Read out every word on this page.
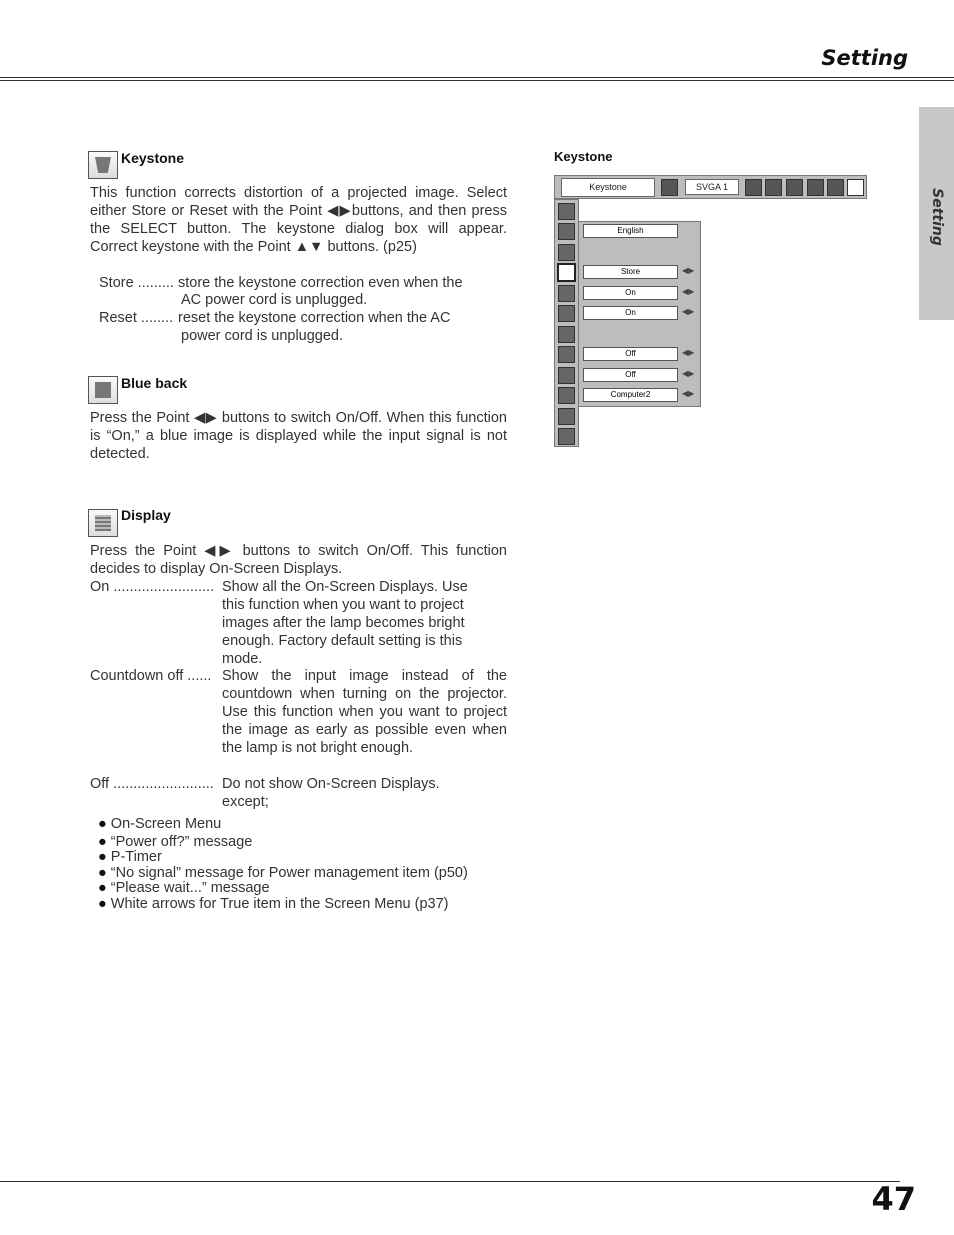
Setting
Setting
Keystone
This function corrects distortion of a projected image. Select either Store or Reset with the Point ◀▶buttons, and then press the SELECT button. The keystone dialog box will appear. Correct keystone with the Point ▲▼ buttons. (p25)
Store ......... store the keystone correction even when the
AC power cord is unplugged.
Reset ........ reset the keystone correction when the AC
power cord is unplugged.
Blue back
Press the Point ◀▶ buttons to switch On/Off. When this function is “On,” a blue image is displayed while the input signal is not detected.
Display
Press the Point ◀▶ buttons to switch On/Off. This function decides to display On-Screen Displays.
On ......................... Show all the On-Screen Displays. Use this function when you want to project images after the lamp becomes bright enough. Factory default setting is this mode.
Countdown off ...... Show the input image instead of the countdown when turning on the projector. Use this function when you want to project the image as early as possible even when the lamp is not bright enough.
Off ......................... Do not show On-Screen Displays.
except;
● On-Screen Menu
● “Power off?” message
● P-Timer
● “No signal” message for Power management item (p50)
● “Please wait...” message
● White arrows for True item in the Screen Menu (p37)
Keystone
Keystone	SVGA 1
English
Store	◀▶
On	◀▶
On	◀▶
Off	◀▶
Off	◀▶
Computer2	◀▶
47
